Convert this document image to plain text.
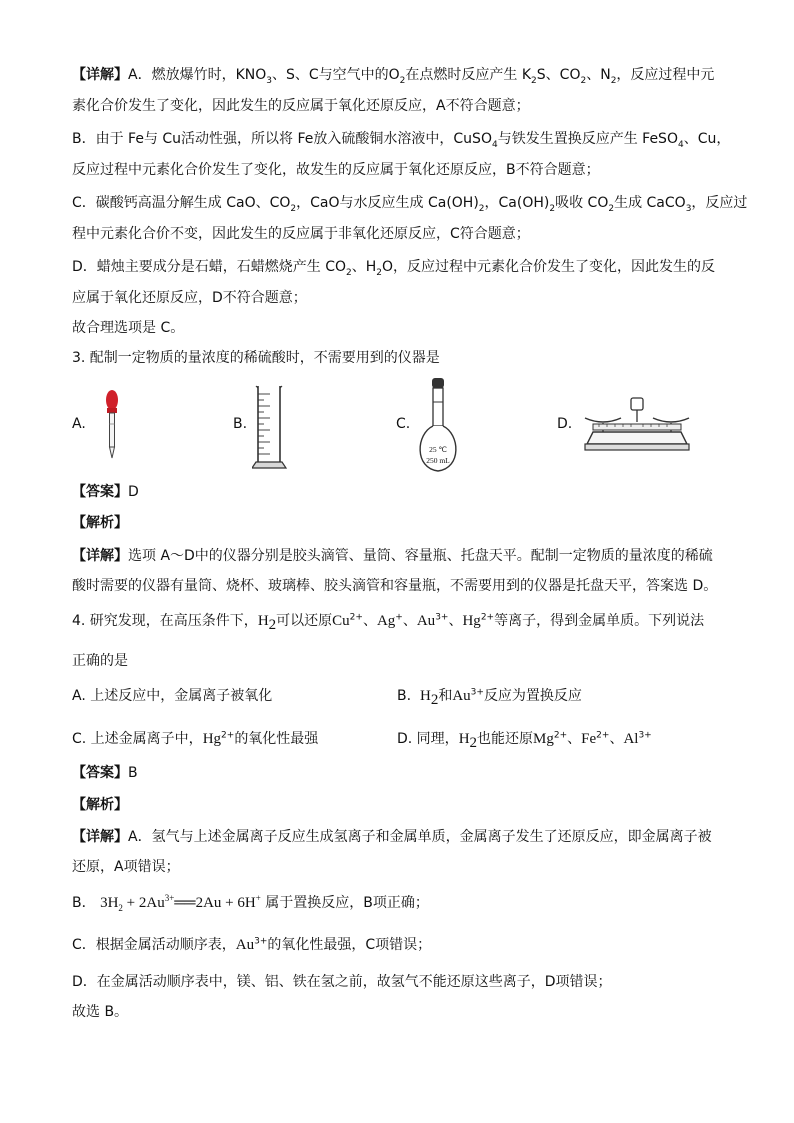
【详解】A．燃放爆竹时，$KNO_3$、S、C与空气中的$O_2$在点燃时反应产生 $K_2S$、$CO_2$、$N_2$，反应过程中元
素化合价发生了变化，因此发生的反应属于氧化还原反应，A不符合题意；
B．由于 Fe与 Cu活动性强，所以将 Fe放入硫酸铜水溶液中，CuSO$_4$与铁发生置换反应产生 FeSO$_4$、Cu，
反应过程中元素化合价发生了变化，故发生的反应属于氧化还原反应，B不符合题意；
C．碳酸钙高温分解生成 CaO、$CO_2$，CaO与水反应生成 $Ca(OH)_2$，$Ca(OH)_2$吸收 $CO_2$生成 CaCO$_3$，反应过
程中元素化合价不变，因此发生的反应属于非氧化还原反应，C符合题意；
D．蜡烛主要成分是石蜡，石蜡燃烧产生 $CO_2$、$H_2O$，反应过程中元素化合价发生了变化，因此发生的反
应属于氧化还原反应，D不符合题意；
故合理选项是 C。
3. 配制一定物质的量浓度的稀硫酸时，不需要用到的仪器是
A.	B.	C.
25 ℃
250 mL
D.
【答案】D
【解析】
【详解】选项 A～D中的仪器分别是胶头滴管、量筒、容量瓶、托盘天平。配制一定物质的量浓度的稀硫
酸时需要的仪器有量筒、烧杯、玻璃棒、胶头滴管和容量瓶，不需要用到的仪器是托盘天平，答案选 D。
4. 研究发现，在高压条件下，$H_2$可以还原$Cu^{2+}$、Ag+、$Au^{3+}$、$Hg^{2+}$等离子，得到金属单质。下列说法
正确的是
A. 上述反应中，金属离子被氧化	B. $H_2$和$Au^{3+}$反应为置换反应
C. 上述金属离子中，$Hg^{2+}$的氧化性最强	D. 同理，$H_2$也能还原$Mg^{2+}$、$Fe^{2+}$、$Al^{3+}$
【答案】B
【解析】
【详解】A．氢气与上述金属离子反应生成氢离子和金属单质，金属离子发生了还原反应，即金属离子被
还原，A项错误；
B． $3H_2$ + $2Au^{3+}══2Au + 6H^+$ 属于置换反应，B项正确；
C．根据金属活动顺序表，$Au^{3+}$的氧化性最强，C项错误；
D．在金属活动顺序表中，镁、铝、铁在氢之前，故氢气不能还原这些离子，D项错误；
故选 B。
